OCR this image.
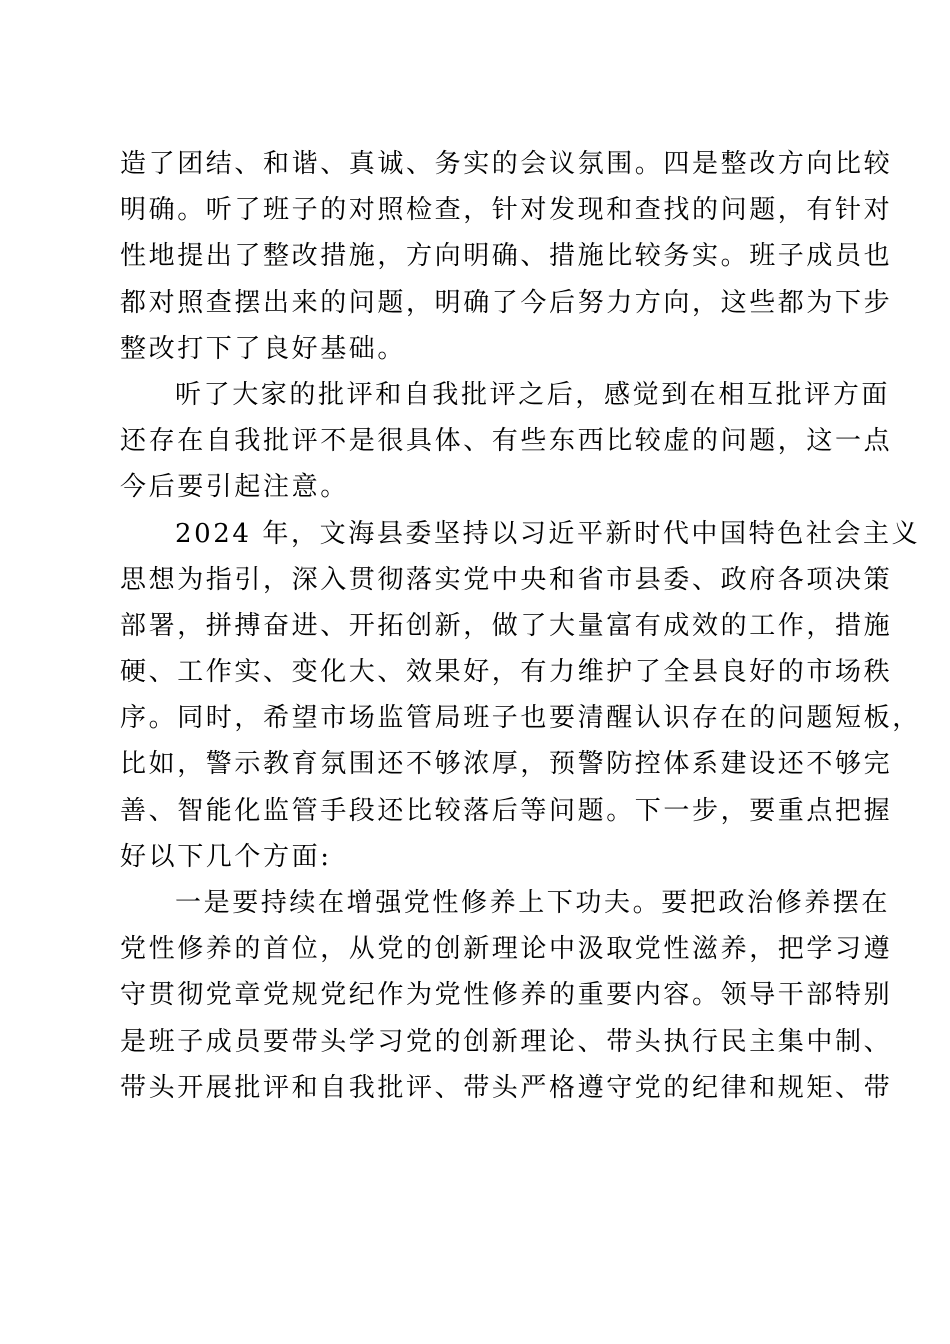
造了团结、和谐、真诚、务实的会议氛围。四是整改方向比较
明确。听了班子的对照检查，针对发现和查找的问题，有针对
性地提出了整改措施，方向明确、措施比较务实。班子成员也
都对照查摆出来的问题，明确了今后努力方向，这些都为下步
整改打下了良好基础。
听了大家的批评和自我批评之后，感觉到在相互批评方面
还存在自我批评不是很具体、有些东西比较虚的问题，这一点
今后要引起注意。
2024 年，文海县委坚持以习近平新时代中国特色社会主义
思想为指引，深入贯彻落实党中央和省市县委、政府各项决策
部署，拼搏奋进、开拓创新，做了大量富有成效的工作，措施
硬、工作实、变化大、效果好，有力维护了全县良好的市场秩
序。同时，希望市场监管局班子也要清醒认识存在的问题短板，
比如，警示教育氛围还不够浓厚，预警防控体系建设还不够完
善、智能化监管手段还比较落后等问题。下一步，要重点把握
好以下几个方面:
一是要持续在增强党性修养上下功夫。要把政治修养摆在
党性修养的首位，从党的创新理论中汲取党性滋养，把学习遵
守贯彻党章党规党纪作为党性修养的重要内容。领导干部特别
是班子成员要带头学习党的创新理论、带头执行民主集中制、
带头开展批评和自我批评、带头严格遵守党的纪律和规矩、带
